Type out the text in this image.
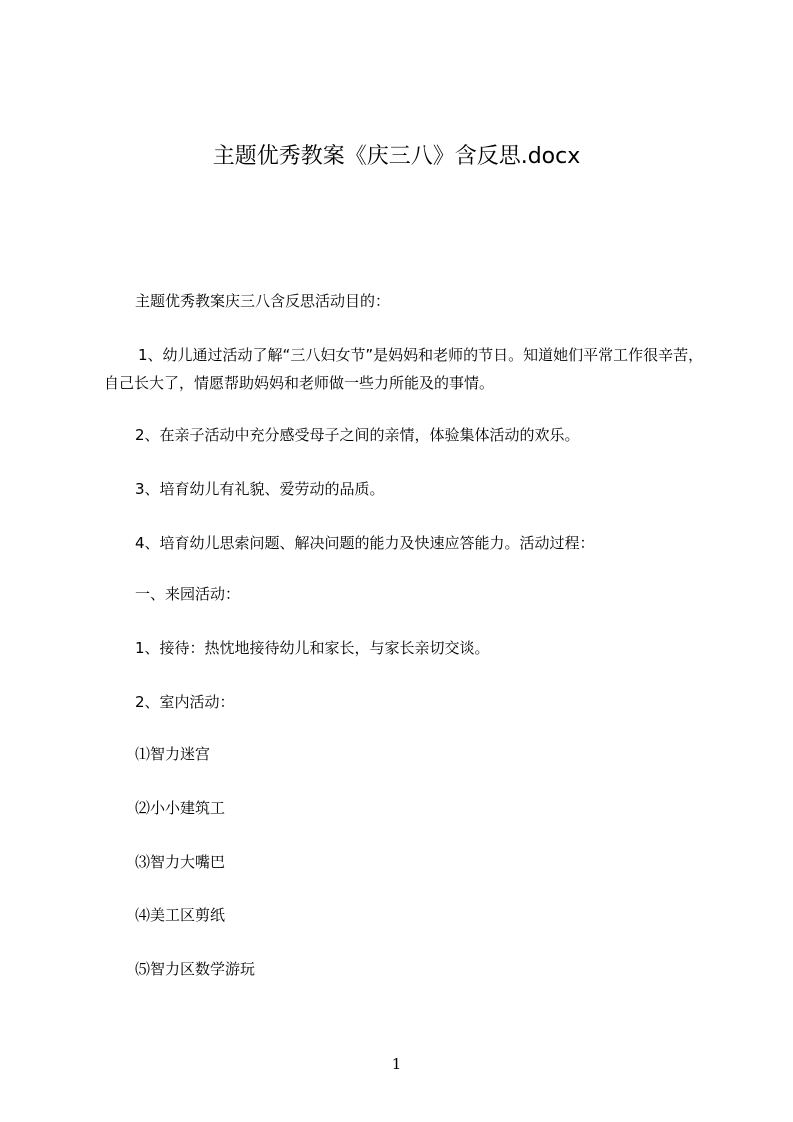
主题优秀教案《庆三八》含反思.docx
主题优秀教案庆三八含反思活动目的：
1、幼儿通过活动了解“三八妇女节”是妈妈和老师的节日。知道她们平常工作很辛苦，自己长大了，情愿帮助妈妈和老师做一些力所能及的事情。
2、在亲子活动中充分感受母子之间的亲情，体验集体活动的欢乐。
3、培育幼儿有礼貌、爱劳动的品质。
4、培育幼儿思索问题、解决问题的能力及快速应答能力。活动过程：
一、来园活动：
1、接待：热忱地接待幼儿和家长，与家长亲切交谈。
2、室内活动：
⑴智力迷宫
⑵小小建筑工
⑶智力大嘴巴
⑷美工区剪纸
⑸智力区数学游玩
1
